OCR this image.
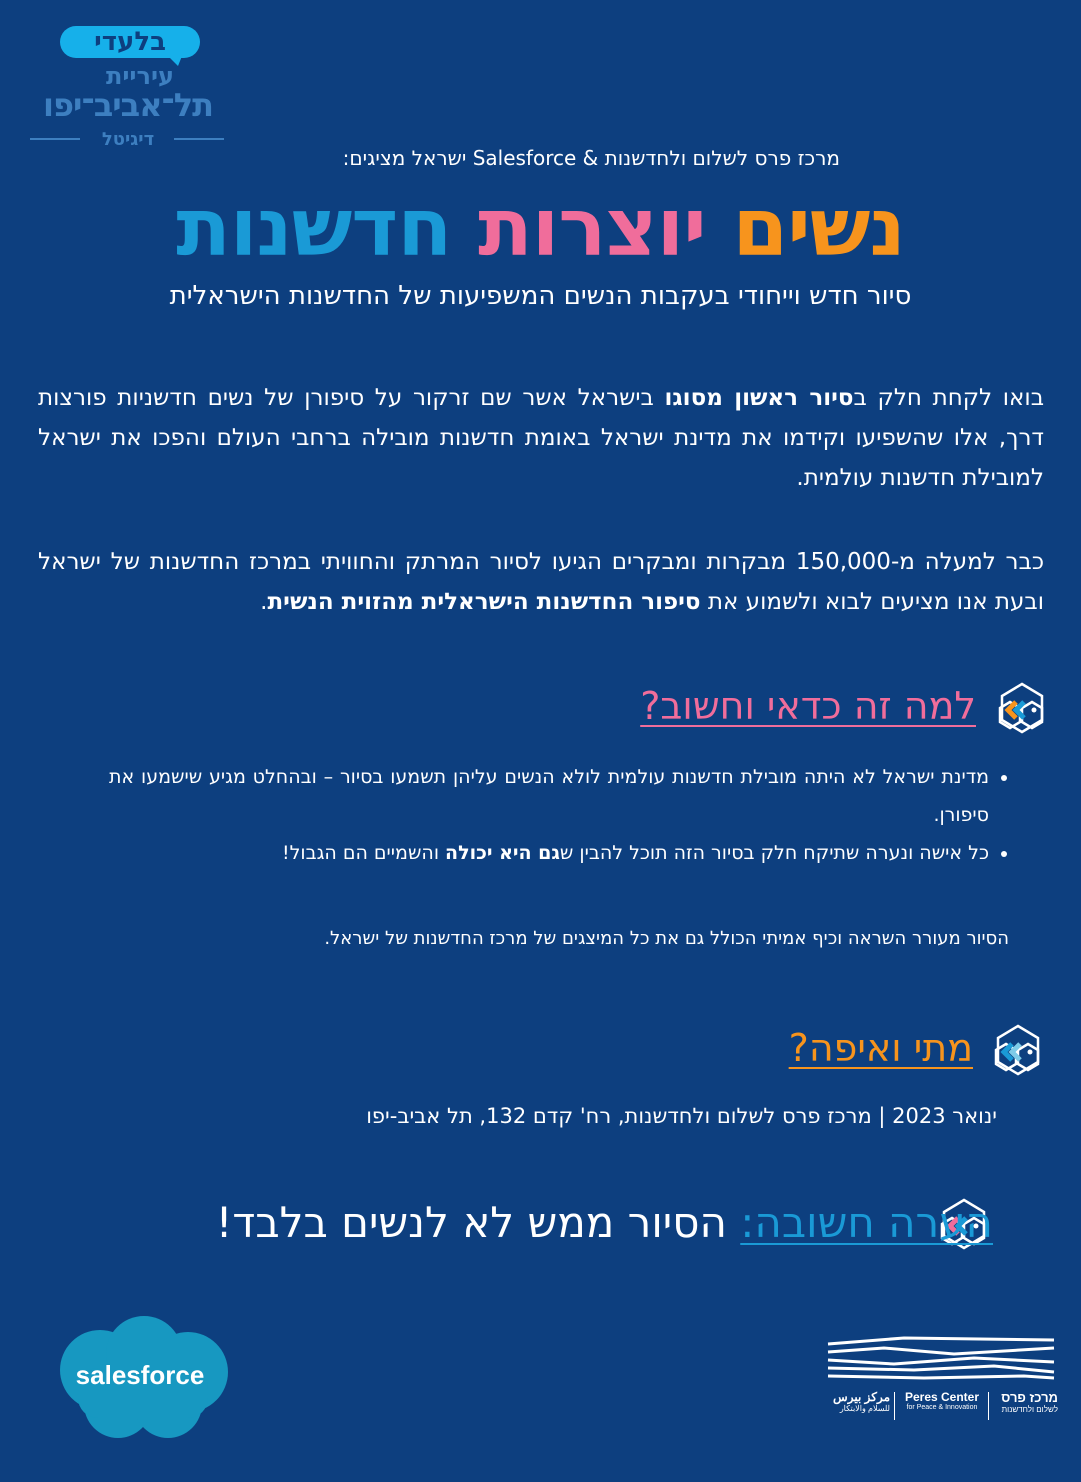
בלעדי
עיריית
תל־אביב־יפו
דיגיטל
מרכז פרס לשלום ולחדשנות & Salesforce ישראל מציגים:
נשים יוצרות חדשנות
סיור חדש וייחודי בעקבות הנשים המשפיעות של החדשנות הישראלית
בואו לקחת חלק בסיור ראשון מסוגו בישראל אשר שם זרקור על סיפורן של נשים חדשניות פורצות דרך, אלו שהשפיעו וקידמו את מדינת ישראל באומת חדשנות מובילה ברחבי העולם והפכו את ישראל למובילת חדשנות עולמית.
כבר למעלה מ-150,000 מבקרות ומבקרים הגיעו לסיור המרתק והחוויתי במרכז החדשנות של ישראל ובעת אנו מציעים לבוא ולשמוע את סיפור החדשנות הישראלית מהזוית הנשית.
למה זה כדאי וחשוב?
• מדינת ישראל לא היתה מובילת חדשנות עולמית לולא הנשים עליהן תשמעו בסיור – ובהחלט מגיע שישמעו את סיפורן.
• כל אישה ונערה שתיקח חלק בסיור הזה תוכל להבין שגם היא יכולה והשמיים הם הגבול!
הסיור מעורר השראה וכיף אמיתי הכולל גם את כל המיצגים של מרכז החדשנות של ישראל.
מתי ואיפה?
ינואר 2023 | מרכז פרס לשלום ולחדשנות, רח' קדם 132, תל אביב-יפו
הערה חשובה: הסיור ממש לא לנשים בלבד!
salesforce
מרכז פרס
לשלום ולחדשנות
Peres Center
for Peace & Innovation
مركز بيرس
للسلام والابتكار
